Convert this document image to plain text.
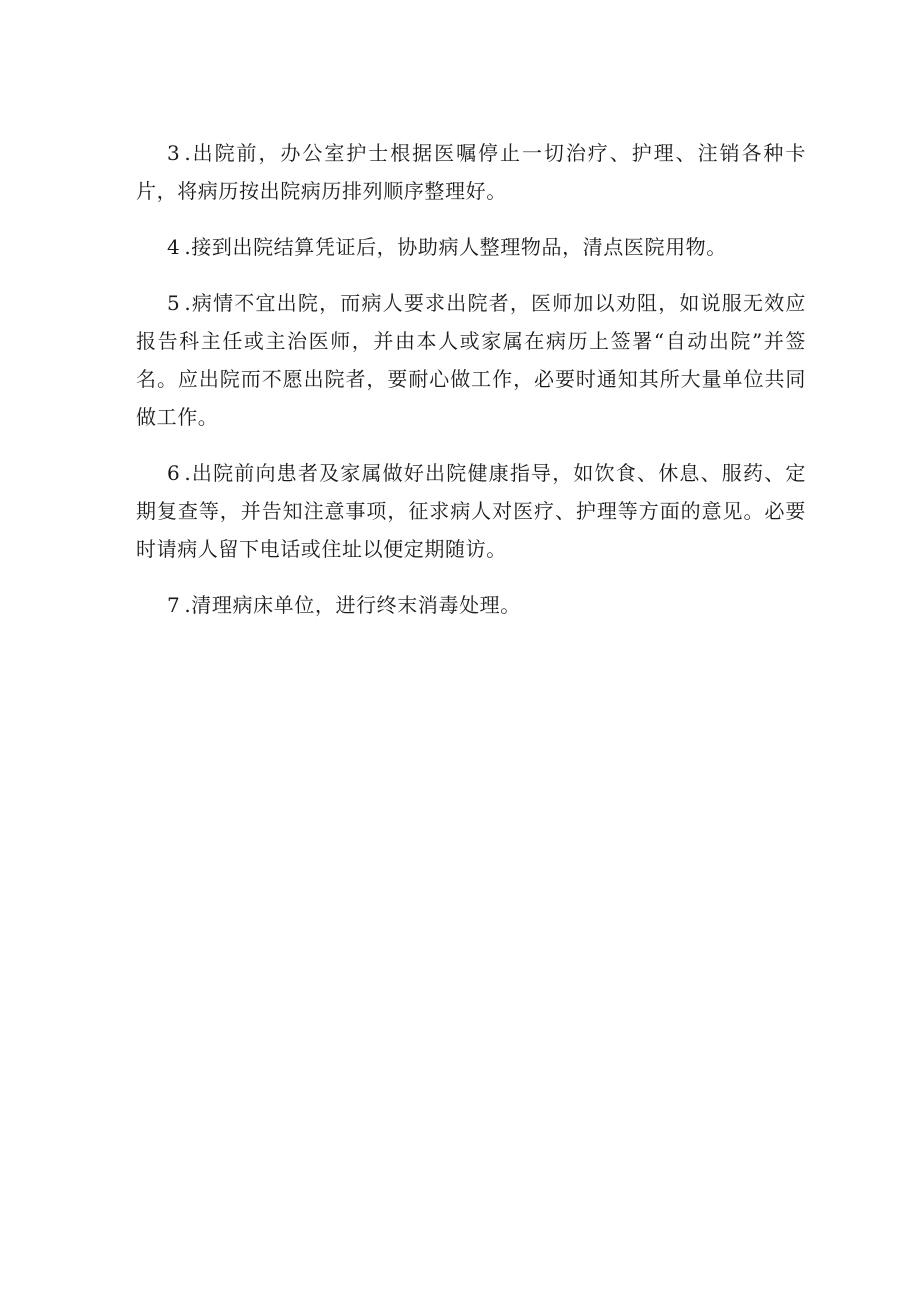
3 .出院前，办公室护士根据医嘱停止一切治疗、护理、注销各种卡片，将病历按出院病历排列顺序整理好。

4 .接到出院结算凭证后，协助病人整理物品，清点医院用物。

5 .病情不宜出院，而病人要求出院者，医师加以劝阻，如说服无效应报告科主任或主治医师，并由本人或家属在病历上签署“自动出院”并签名。应出院而不愿出院者，要耐心做工作，必要时通知其所大量单位共同做工作。

6 .出院前向患者及家属做好出院健康指导，如饮食、休息、服药、定期复查等，并告知注意事项，征求病人对医疗、护理等方面的意见。必要时请病人留下电话或住址以便定期随访。

7 .清理病床单位，进行终末消毒处理。
